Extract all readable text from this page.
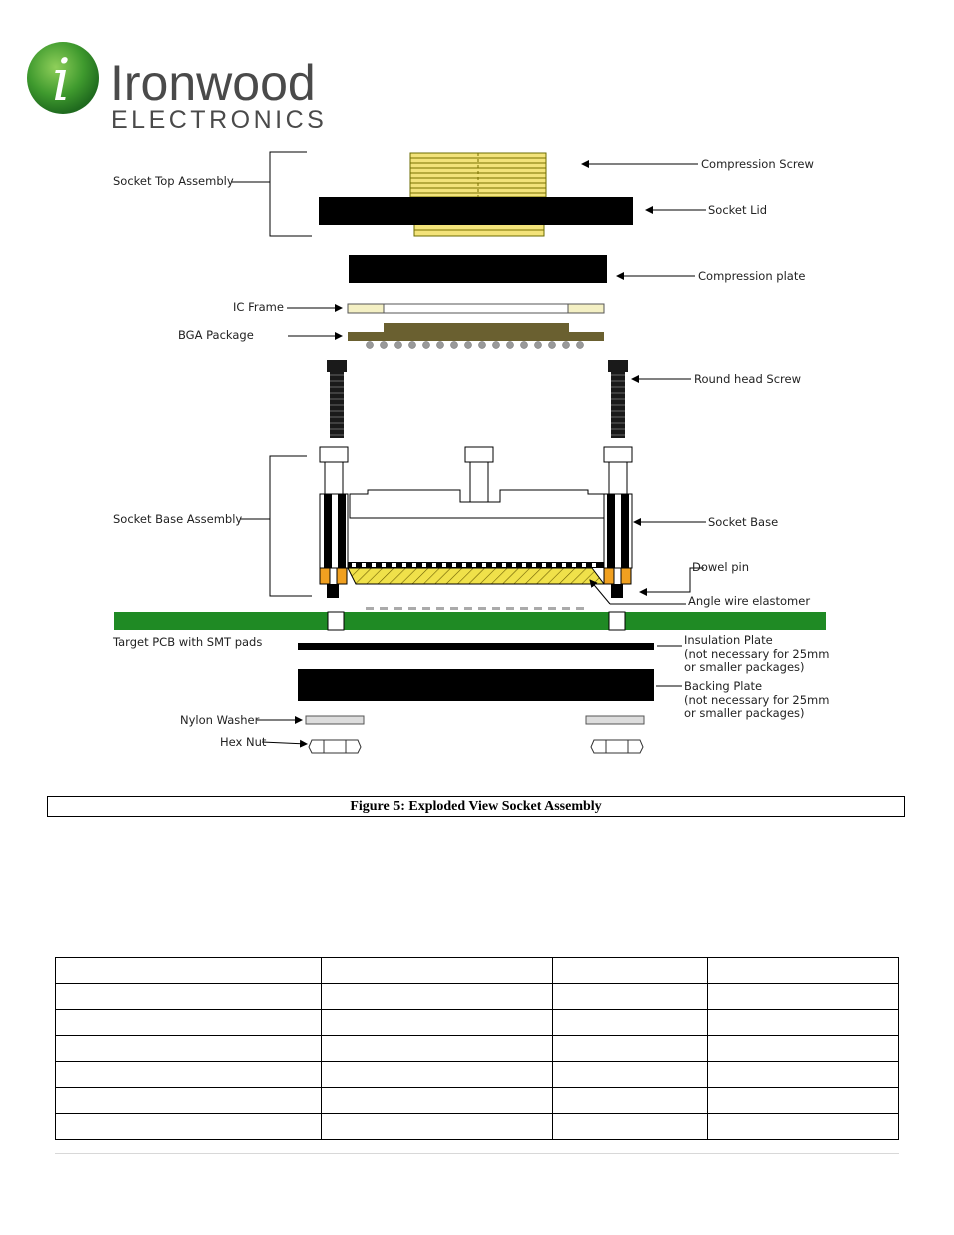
i Ironwood
ELECTRONICS
Socket Top Assembly
Compression Screw
Socket Lid
Compression plate
IC Frame
BGA Package
Round head Screw
Socket Base Assembly	Socket Base
Dowel pin
Angle wire elastomer
Target PCB with SMT pads	Insulation Plate
(not necessary for 25mm
or smaller packages)
Backing Plate
(not necessary for 25mm
or smaller packages)
Nylon Washer
Hex Nut
Figure 5: Exploded View Socket Assembly
